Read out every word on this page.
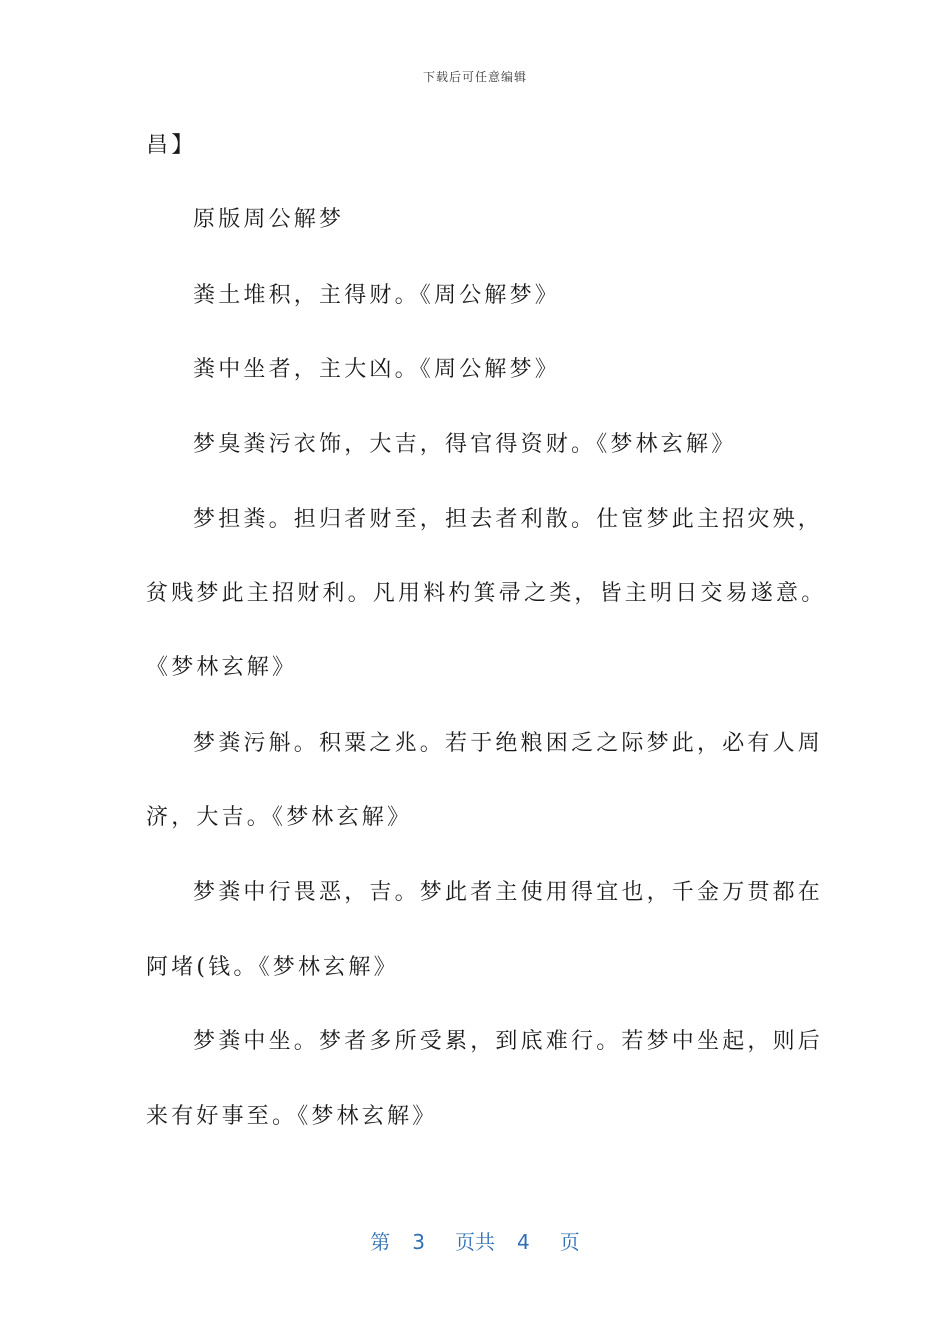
下载后可任意编辑
昌】
原版周公解梦
粪土堆积，主得财。《周公解梦》
粪中坐者，主大凶。《周公解梦》
梦臭粪污衣饰，大吉，得官得资财。《梦林玄解》
梦担粪。担归者财至，担去者利散。仕宦梦此主招灾殃，
贫贱梦此主招财利。凡用料杓箕帚之类，皆主明日交易遂意。
《梦林玄解》
梦粪污斛。积粟之兆。若于绝粮困乏之际梦此，必有人周
济，大吉。《梦林玄解》
梦粪中行畏恶，吉。梦此者主使用得宜也，千金万贯都在
阿堵(钱。《梦林玄解》
梦粪中坐。梦者多所受累，到底难行。若梦中坐起，则后
来有好事至。《梦林玄解》
第 3 页共 4 页
